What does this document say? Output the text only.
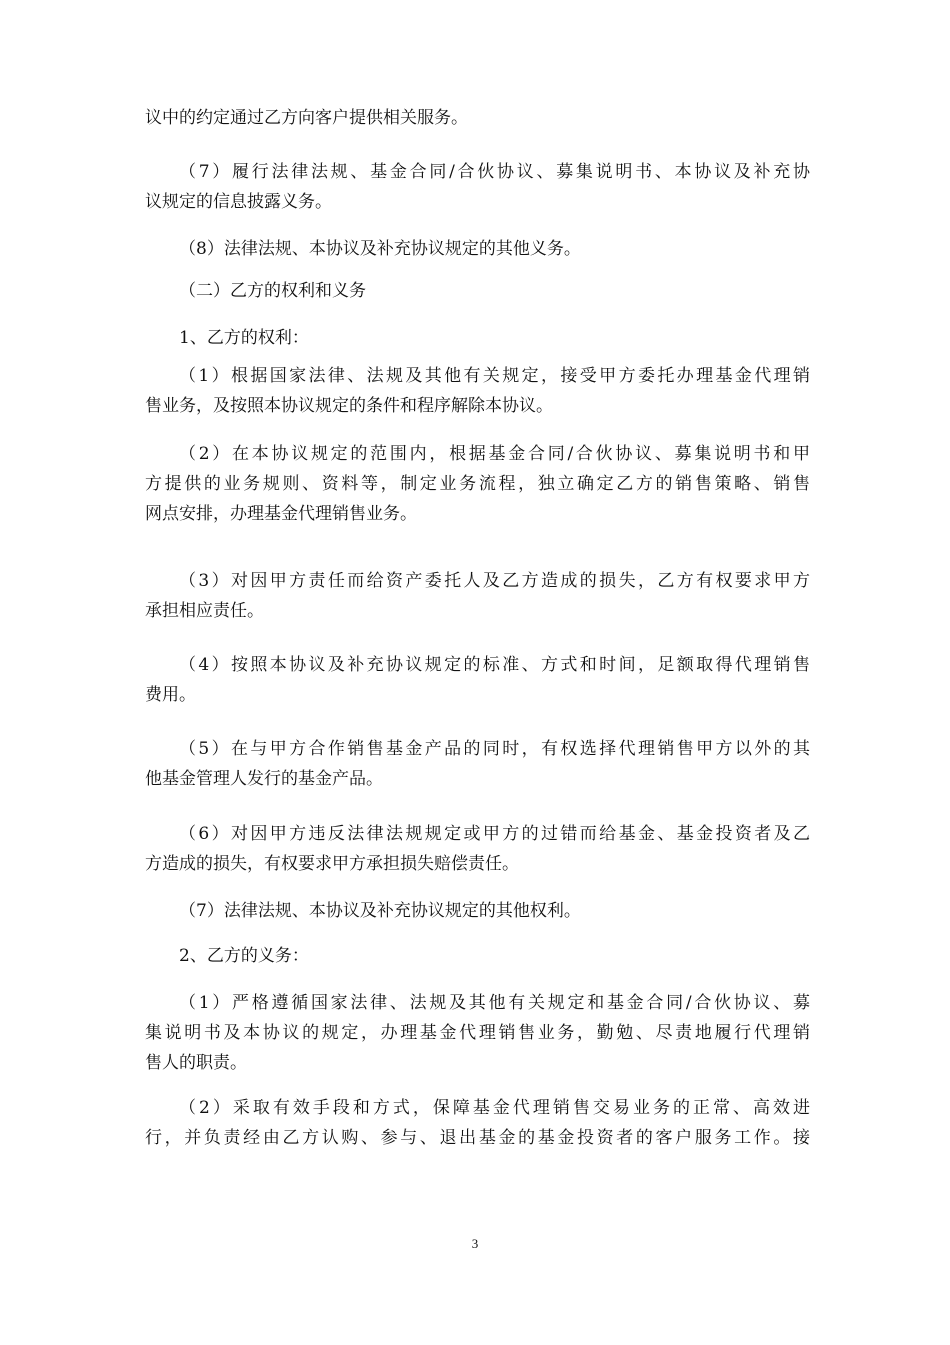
议中的约定通过乙方向客户提供相关服务。
（7）履行法律法规、基金合同/合伙协议、募集说明书、本协议及补充协
议规定的信息披露义务。
（8）法律法规、本协议及补充协议规定的其他义务。
（二）乙方的权利和义务
1、乙方的权利：
（1）根据国家法律、法规及其他有关规定，接受甲方委托办理基金代理销
售业务，及按照本协议规定的条件和程序解除本协议。
（2）在本协议规定的范围内，根据基金合同/合伙协议、募集说明书和甲
方提供的业务规则、资料等，制定业务流程，独立确定乙方的销售策略、销售
网点安排，办理基金代理销售业务。
（3）对因甲方责任而给资产委托人及乙方造成的损失，乙方有权要求甲方
承担相应责任。
（4）按照本协议及补充协议规定的标准、方式和时间，足额取得代理销售
费用。
（5）在与甲方合作销售基金产品的同时，有权选择代理销售甲方以外的其
他基金管理人发行的基金产品。
（6）对因甲方违反法律法规规定或甲方的过错而给基金、基金投资者及乙
方造成的损失，有权要求甲方承担损失赔偿责任。
（7）法律法规、本协议及补充协议规定的其他权利。
2、乙方的义务：
（1）严格遵循国家法律、法规及其他有关规定和基金合同/合伙协议、募
集说明书及本协议的规定，办理基金代理销售业务，勤勉、尽责地履行代理销
售人的职责。
（2）采取有效手段和方式，保障基金代理销售交易业务的正常、高效进
行，并负责经由乙方认购、参与、退出基金的基金投资者的客户服务工作。接
3
